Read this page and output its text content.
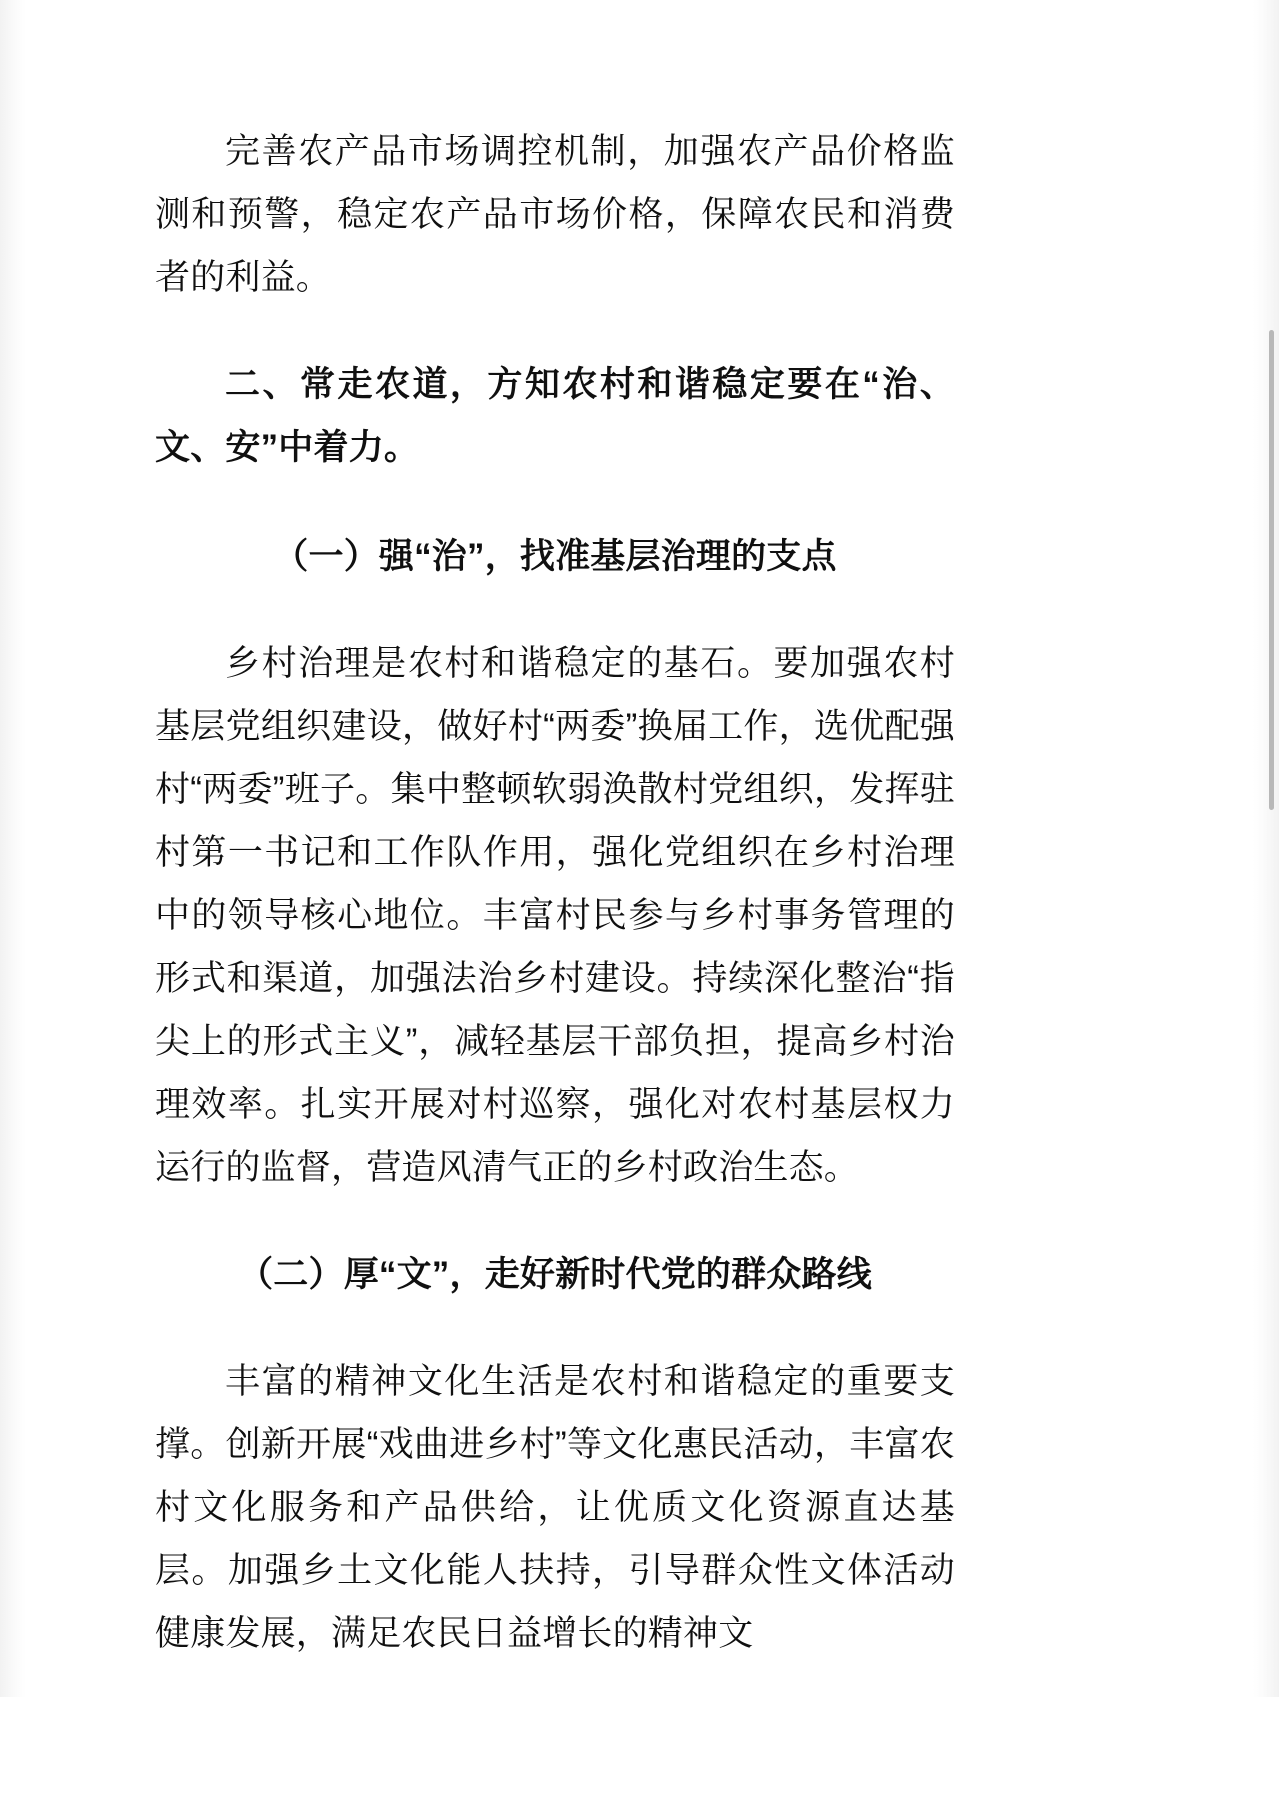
完善农产品市场调控机制，加强农产品价格监测和预警，稳定农产品市场价格，保障农民和消费者的利益。

二、常走农道，方知农村和谐稳定要在“治、文、安”中着力。

（一）强“治”，找准基层治理的支点

乡村治理是农村和谐稳定的基石。要加强农村基层党组织建设，做好村“两委”换届工作，选优配强村“两委”班子。集中整顿软弱涣散村党组织，发挥驻村第一书记和工作队作用，强化党组织在乡村治理中的领导核心地位。丰富村民参与乡村事务管理的形式和渠道，加强法治乡村建设。持续深化整治“指尖上的形式主义”，减轻基层干部负担，提高乡村治理效率。扎实开展对村巡察，强化对农村基层权力运行的监督，营造风清气正的乡村政治生态。

（二）厚“文”，走好新时代党的群众路线

丰富的精神文化生活是农村和谐稳定的重要支撑。创新开展“戏曲进乡村”等文化惠民活动，丰富农村文化服务和产品供给，让优质文化资源直达基层。加强乡土文化能人扶持，引导群众性文体活动健康发展，满足农民日益增长的精神文
